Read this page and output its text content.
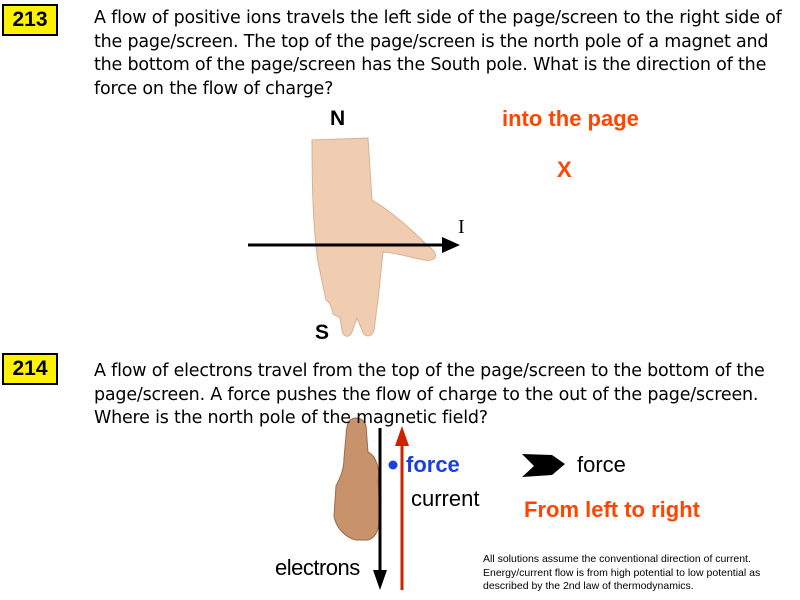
213	A flow of positive ions travels the left side of the page/screen to the right side of the page/screen. The top of the page/screen is the north pole of a magnet and the bottom of the page/screen has the South pole. What is the direction of the force on the flow of charge?
N
S
I
into the page
X
214	A flow of electrons travel from the top of the page/screen to the bottom of the page/screen. A force pushes the flow of charge to the out of the page/screen. Where is the north pole of the magnetic field?
force
current
electrons
force
From left to right
All solutions assume the conventional direction of current. Energy/current flow is from high potential to low potential as described by the 2nd law of thermodynamics.
